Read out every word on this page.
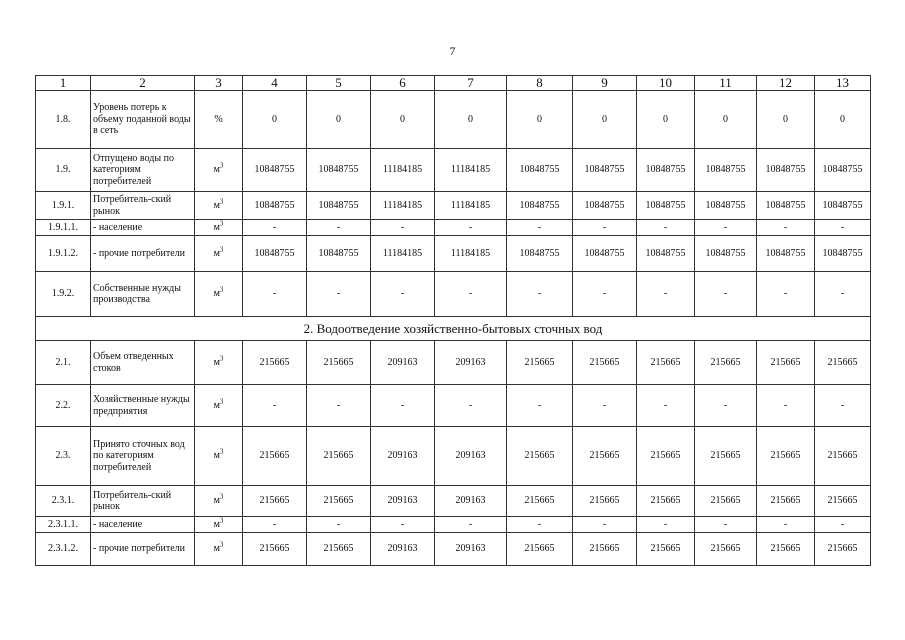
7
1	2	3	4	5	6	7	8	9	10	11	12	13
1.8.	Уровень потерь к объему поданной воды в сеть	%	0	0	0	0	0	0	0	0	0	0
1.9.	Отпущено воды по категориям потребителей	$м^3$	10848755	10848755	11184185	11184185	10848755	10848755	10848755	10848755	10848755	10848755
1.9.1.	Потребитель-ский рынок	$м^3$	10848755	10848755	11184185	11184185	10848755	10848755	10848755	10848755	10848755	10848755
1.9.1.1.	- население	$м^3$	-	-	-	-	-	-	-	-	-	-
1.9.1.2.	- прочие потребители	$м^3$	10848755	10848755	11184185	11184185	10848755	10848755	10848755	10848755	10848755	10848755
1.9.2.	Собственные нужды производства	$м^3$	-	-	-	-	-	-	-	-	-	-
2. Водоотведение хозяйственно-бытовых сточных вод												
2.1.	Объем отведенных стоков	$м^3$	215665	215665	209163	209163	215665	215665	215665	215665	215665	215665
2.2.	Хозяйственные нужды предприятия	$м^3$	-	-	-	-	-	-	-	-	-	-
2.3.	Принято сточных вод по категориям потребителей	$м^3$	215665	215665	209163	209163	215665	215665	215665	215665	215665	215665
2.3.1.	Потребитель-ский рынок	$м^3$	215665	215665	209163	209163	215665	215665	215665	215665	215665	215665
2.3.1.1.	- население	$м^3$	-	-	-	-	-	-	-	-	-	-
2.3.1.2.	- прочие потребители	$м^3$	215665	215665	209163	209163	215665	215665	215665	215665	215665	215665
